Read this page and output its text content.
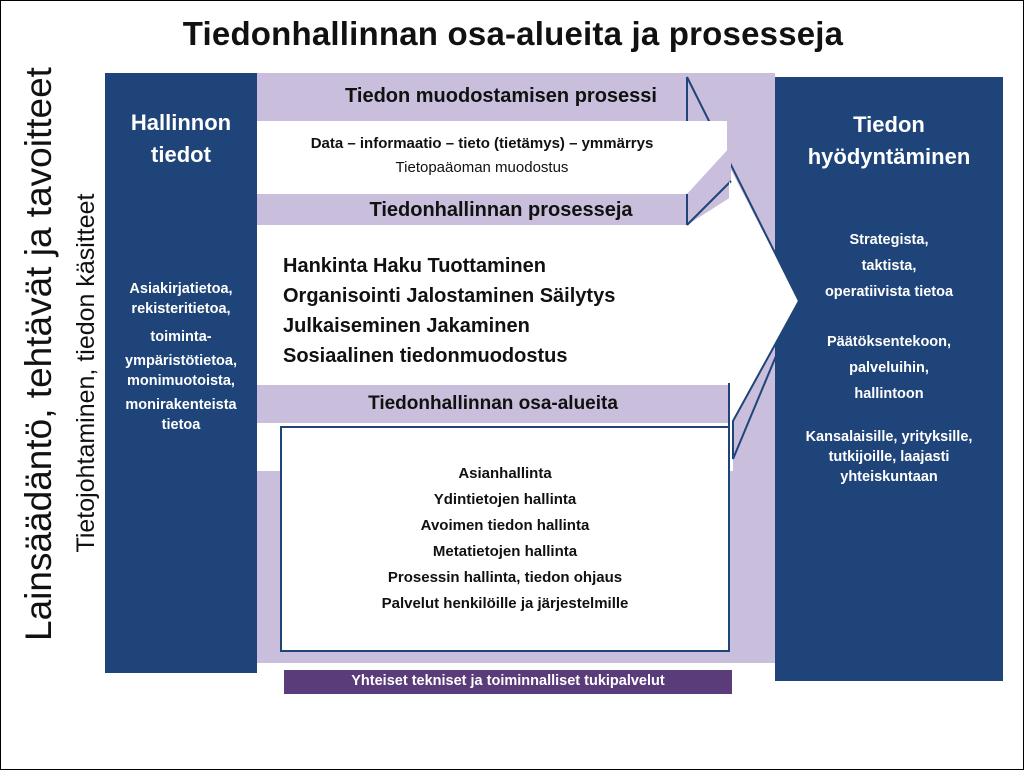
Tiedonhallinnan osa-alueita ja prosesseja
Lainsäädäntö, tehtävät ja tavoitteet Tietojohtaminen, tiedon käsitteet
Hallinnon
tiedot
Asiakirjatietoa,
rekisteritietoa,
toiminta-
ympäristötietoa,
monimuotoista,
monirakenteista
tietoa
Tiedon
hyödyntäminen
Strategista,
taktista,
operatiivista tietoa
Päätöksentekoon,
palveluihin,
hallintoon
Kansalaisille, yrityksille,
tutkijoille, laajasti
yhteiskuntaan
Tiedon muodostamisen prosessi
Data – informaatio – tieto (tietämys) – ymmärrys
Tietopaäoman muodostus
Tiedonhallinnan prosesseja
Hankinta Haku Tuottaminen
Organisointi Jalostaminen Säilytys
Julkaiseminen Jakaminen
Sosiaalinen tiedonmuodostus
Tiedonhallinnan osa-alueita
Asianhallinta
Ydintietojen hallinta
Avoimen tiedon hallinta
Metatietojen hallinta
Prosessin hallinta, tiedon ohjaus
Palvelut henkilöille ja järjestelmille
Yhteiset tekniset ja toiminnalliset tukipalvelut
